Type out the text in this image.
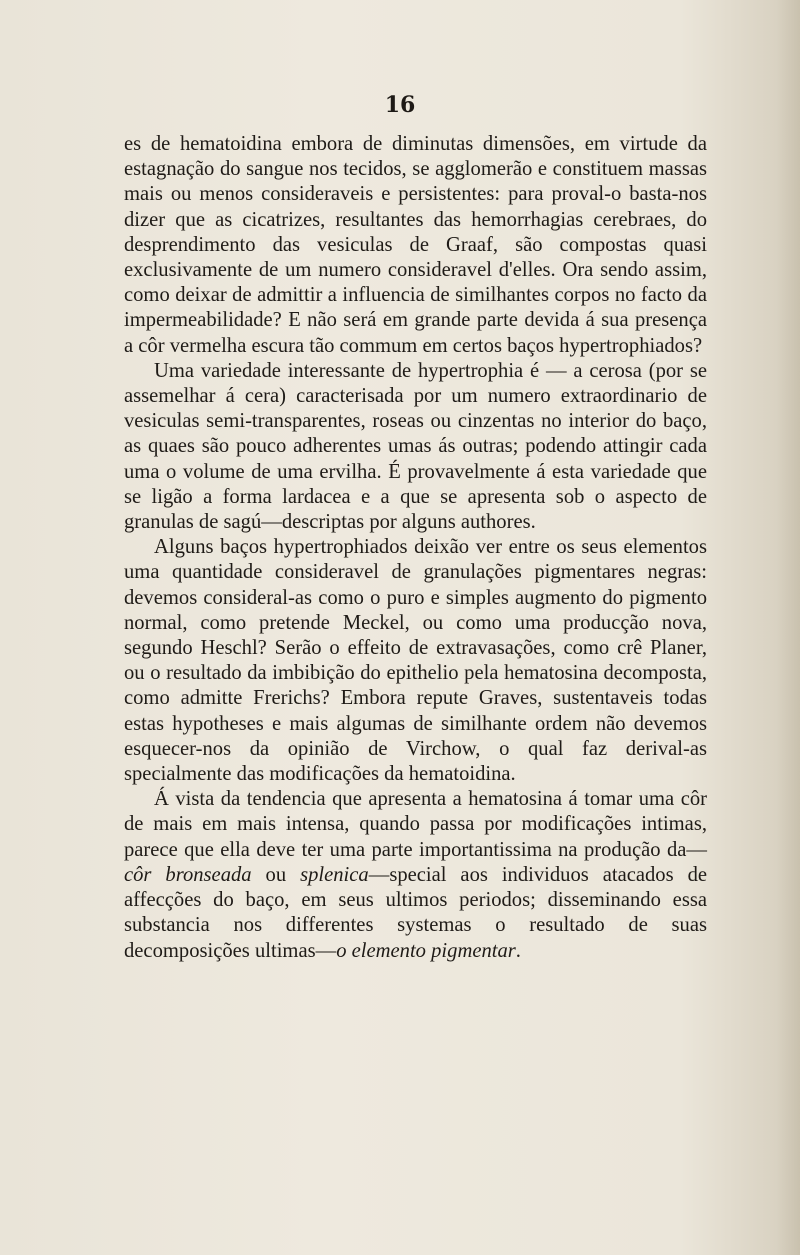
16

es de hematoidina embora de diminutas dimensões, em virtude da estagnação do sangue nos tecidos, se agglomerão e constituem massas mais ou menos consideraveis e persistentes: para proval-o basta-nos dizer que as cicatrizes, resultantes das hemorrhagias cerebraes, do desprendimento das vesiculas de Graaf, são compostas quasi exclusivamente de um numero consideravel d'elles. Ora sendo assim, como deixar de admittir a influencia de similhantes corpos no facto da impermeabilidade? E não será em grande parte devida á sua presença a côr vermelha escura tão commum em certos baços hypertrophiados?

Uma variedade interessante de hypertrophia é — a cerosa (por se assemelhar á cera) caracterisada por um numero extraordinario de vesiculas semi-transparentes, roseas ou cinzentas no interior do baço, as quaes são pouco adherentes umas ás outras; podendo attingir cada uma o volume de uma ervilha. É provavelmente á esta variedade que se ligão a forma lardacea e a que se apresenta sob o aspecto de granulas de sagú—descriptas por alguns authores.

Alguns baços hypertrophiados deixão ver entre os seus elementos uma quantidade consideravel de granulações pigmentares negras: devemos consideral-as como o puro e simples augmento do pigmento normal, como pretende Meckel, ou como uma producção nova, segundo Heschl? Serão o effeito de extravasações, como crê Planer, ou o resultado da imbibição do epithelio pela hematosina decomposta, como admitte Frerichs? Embora repute Graves, sustentaveis todas estas hypotheses e mais algumas de similhante ordem não devemos esquecer-nos da opinião de Virchow, o qual faz derival-as specialmente das modificações da hematoidina.

Á vista da tendencia que apresenta a hematosina á tomar uma côr de mais em mais intensa, quando passa por modificações intimas, parece que ella deve ter uma parte importantissima na produção da—côr bronseada ou splenica—special aos individuos atacados de affecções do baço, em seus ultimos periodos; disseminando essa substancia nos differentes systemas o resultado de suas decomposições ultimas—o elemento pigmentar.
